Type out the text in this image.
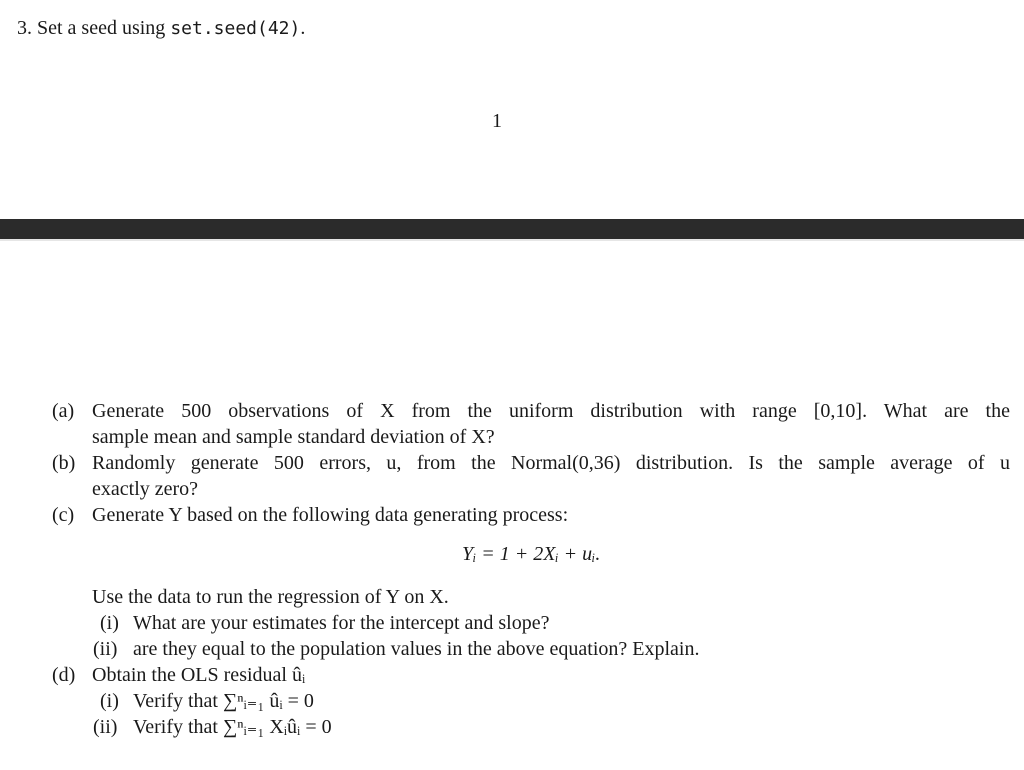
3. Set a seed using set.seed(42).
1
(a) Generate 500 observations of X from the uniform distribution with range [0,10]. What are the
sample mean and sample standard deviation of X?
(b) Randomly generate 500 errors, u, from the Normal(0,36) distribution. Is the sample average of u
exactly zero?
(c) Generate Y based on the following data generating process:
Yᵢ = 1 + 2Xᵢ + uᵢ.
Use the data to run the regression of Y on X.
(i) What are your estimates for the intercept and slope?
(ii) are they equal to the population values in the above equation? Explain.
(d) Obtain the OLS residual ûᵢ
(i) Verify that ∑ⁿᵢ₌₁ ûᵢ = 0
(ii) Verify that ∑ⁿᵢ₌₁ Xᵢûᵢ = 0
